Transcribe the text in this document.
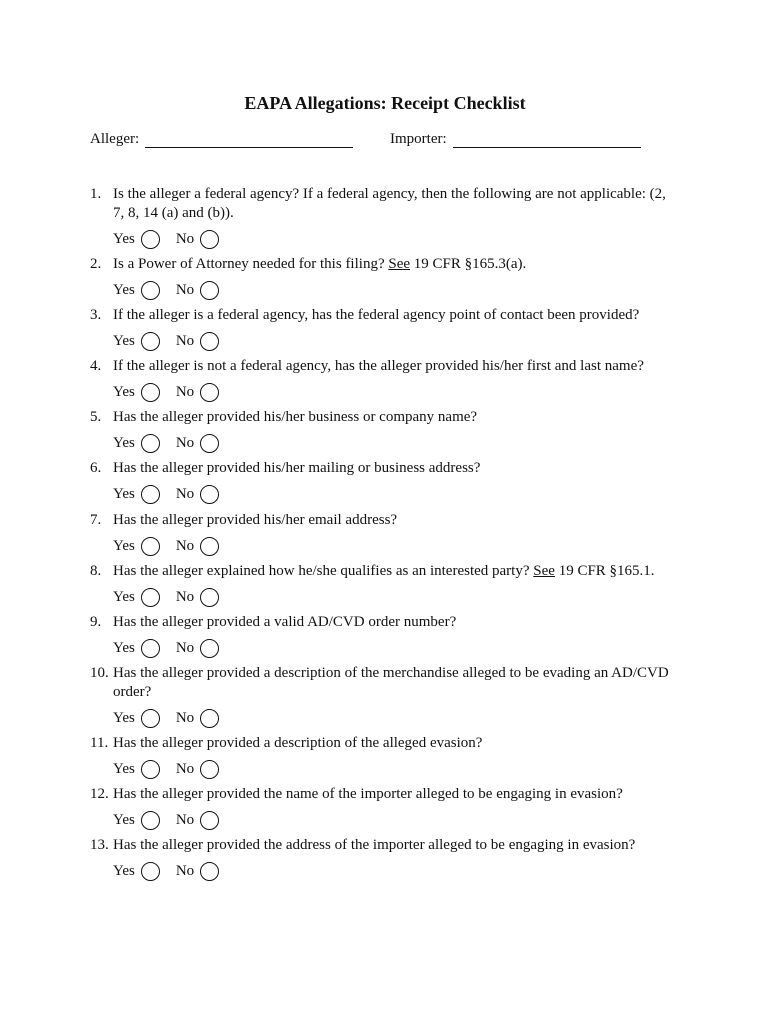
EAPA Allegations: Receipt Checklist
Alleger:	Importer:
1. Is the alleger a federal agency? If a federal agency, then the following are not applicable: (2, 7, 8, 14 (a) and (b)).
Yes	No
2. Is a Power of Attorney needed for this filing? See 19 CFR §165.3(a).
Yes	No
3. If the alleger is a federal agency, has the federal agency point of contact been provided?
Yes	No
4. If the alleger is not a federal agency, has the alleger provided his/her first and last name?
Yes	No
5. Has the alleger provided his/her business or company name?
Yes	No
6. Has the alleger provided his/her mailing or business address?
Yes	No
7. Has the alleger provided his/her email address?
Yes	No
8. Has the alleger explained how he/she qualifies as an interested party? See 19 CFR §165.1.
Yes	No
9. Has the alleger provided a valid AD/CVD order number?
Yes	No
10. Has the alleger provided a description of the merchandise alleged to be evading an AD/CVD order?
Yes	No
11. Has the alleger provided a description of the alleged evasion?
Yes	No
12. Has the alleger provided the name of the importer alleged to be engaging in evasion?
Yes	No
13. Has the alleger provided the address of the importer alleged to be engaging in evasion?
Yes	No
